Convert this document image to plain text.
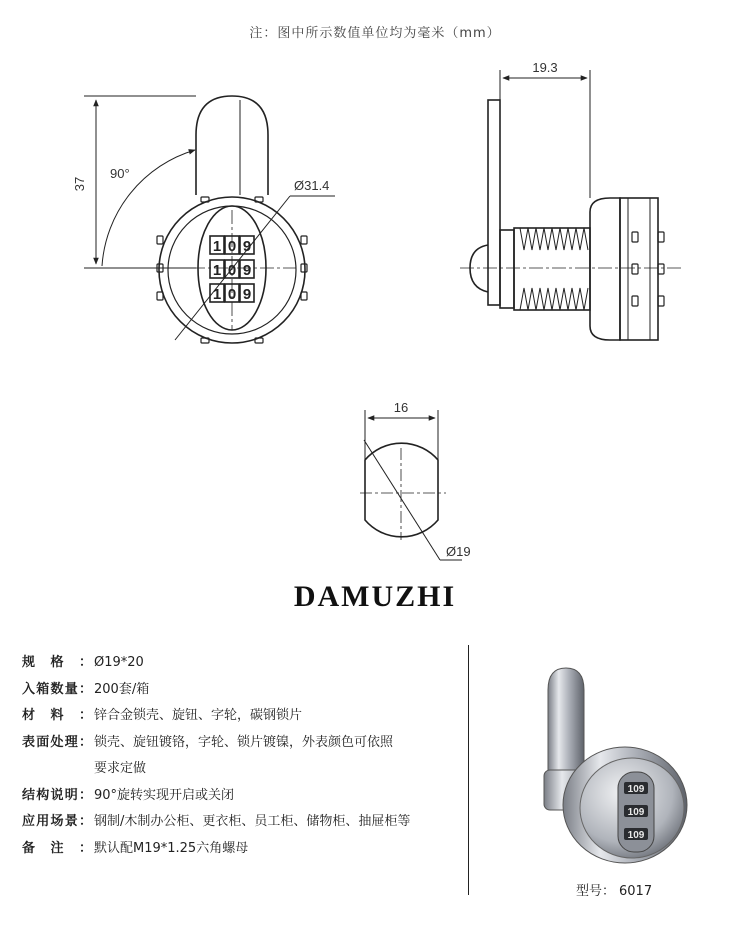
注：图中所示数值单位均为毫米（mm）
1 0 9
1 0 9
1 0 9
37
90°
Ø31.4
19.3
16
Ø19
DAMUZHI
规格： Ø19*20
入箱数量： 200套/箱
材料： 锌合金锁壳、旋钮、字轮，碳钢锁片
表面处理： 锁壳、旋钮镀铬，字轮、锁片镀镍，外表颜色可依照
要求定做
结构说明： 90°旋转实现开启或关闭
应用场景： 钢制/木制办公柜、更衣柜、员工柜、储物柜、抽屉柜等
备注： 默认配M19*1.25六角螺母
109
109
109
型号： 6017
